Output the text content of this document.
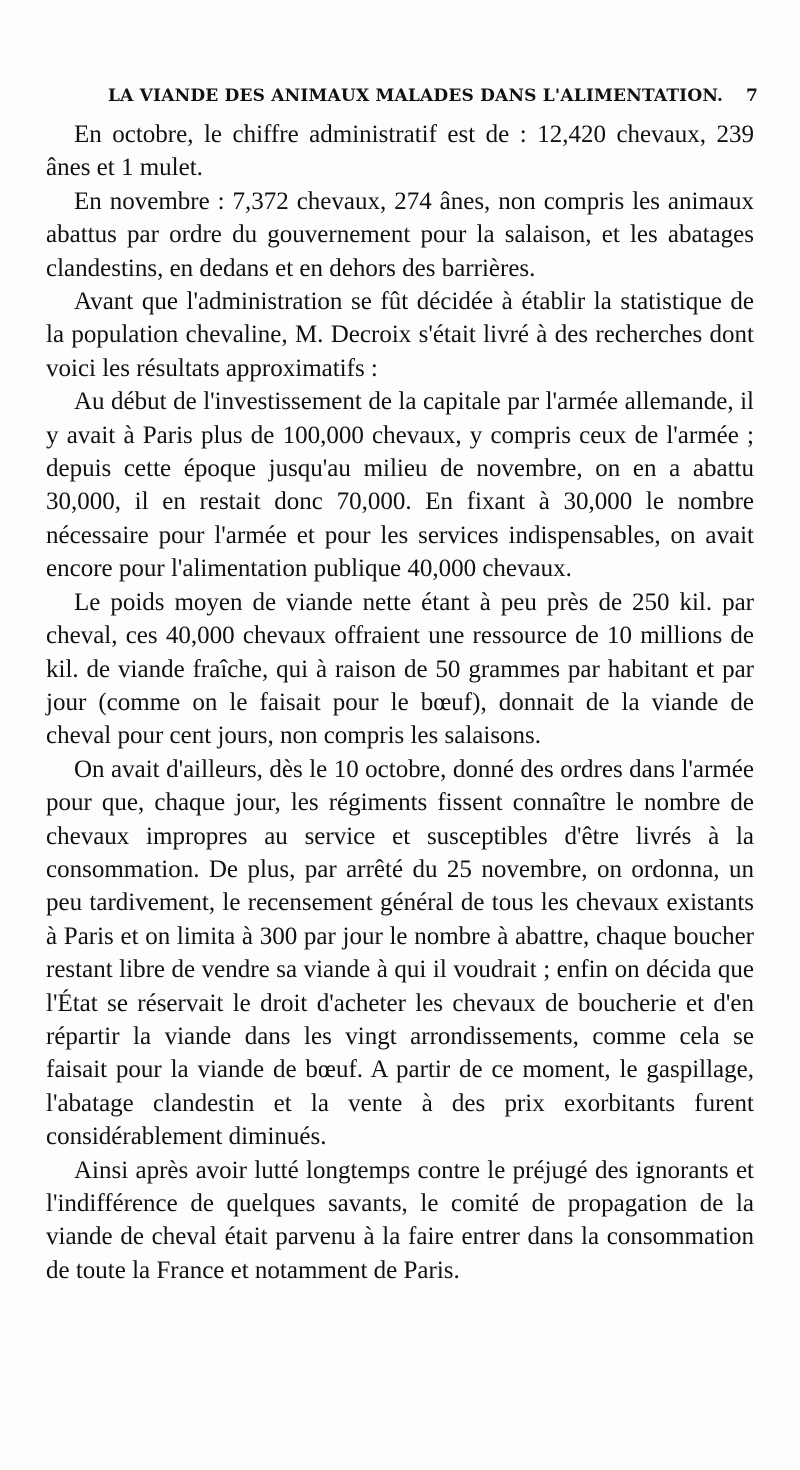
LA VIANDE DES ANIMAUX MALADES DANS L'ALIMENTATION. 7

En octobre, le chiffre administratif est de : 12,420 chevaux, 239 ânes et 1 mulet.

En novembre : 7,372 chevaux, 274 ânes, non compris les animaux abattus par ordre du gouvernement pour la salaison, et les abatages clandestins, en dedans et en dehors des barrières.

Avant que l'administration se fût décidée à établir la statistique de la population chevaline, M. Decroix s'était livré à des recherches dont voici les résultats approximatifs :

Au début de l'investissement de la capitale par l'armée allemande, il y avait à Paris plus de 100,000 chevaux, y compris ceux de l'armée ; depuis cette époque jusqu'au milieu de novembre, on en a abattu 30,000, il en restait donc 70,000. En fixant à 30,000 le nombre nécessaire pour l'armée et pour les services indispensables, on avait encore pour l'alimentation publique 40,000 chevaux.

Le poids moyen de viande nette étant à peu près de 250 kil. par cheval, ces 40,000 chevaux offraient une ressource de 10 millions de kil. de viande fraîche, qui à raison de 50 grammes par habitant et par jour (comme on le faisait pour le bœuf), donnait de la viande de cheval pour cent jours, non compris les salaisons.

On avait d'ailleurs, dès le 10 octobre, donné des ordres dans l'armée pour que, chaque jour, les régiments fissent connaître le nombre de chevaux impropres au service et susceptibles d'être livrés à la consommation. De plus, par arrêté du 25 novembre, on ordonna, un peu tardivement, le recensement général de tous les chevaux existants à Paris et on limita à 300 par jour le nombre à abattre, chaque boucher restant libre de vendre sa viande à qui il voudrait ; enfin on décida que l'État se réservait le droit d'acheter les chevaux de boucherie et d'en répartir la viande dans les vingt arrondissements, comme cela se faisait pour la viande de bœuf. A partir de ce moment, le gaspillage, l'abatage clandestin et la vente à des prix exorbitants furent considérablement diminués.

Ainsi après avoir lutté longtemps contre le préjugé des ignorants et l'indifférence de quelques savants, le comité de propagation de la viande de cheval était parvenu à la faire entrer dans la consommation de toute la France et notamment de Paris.
